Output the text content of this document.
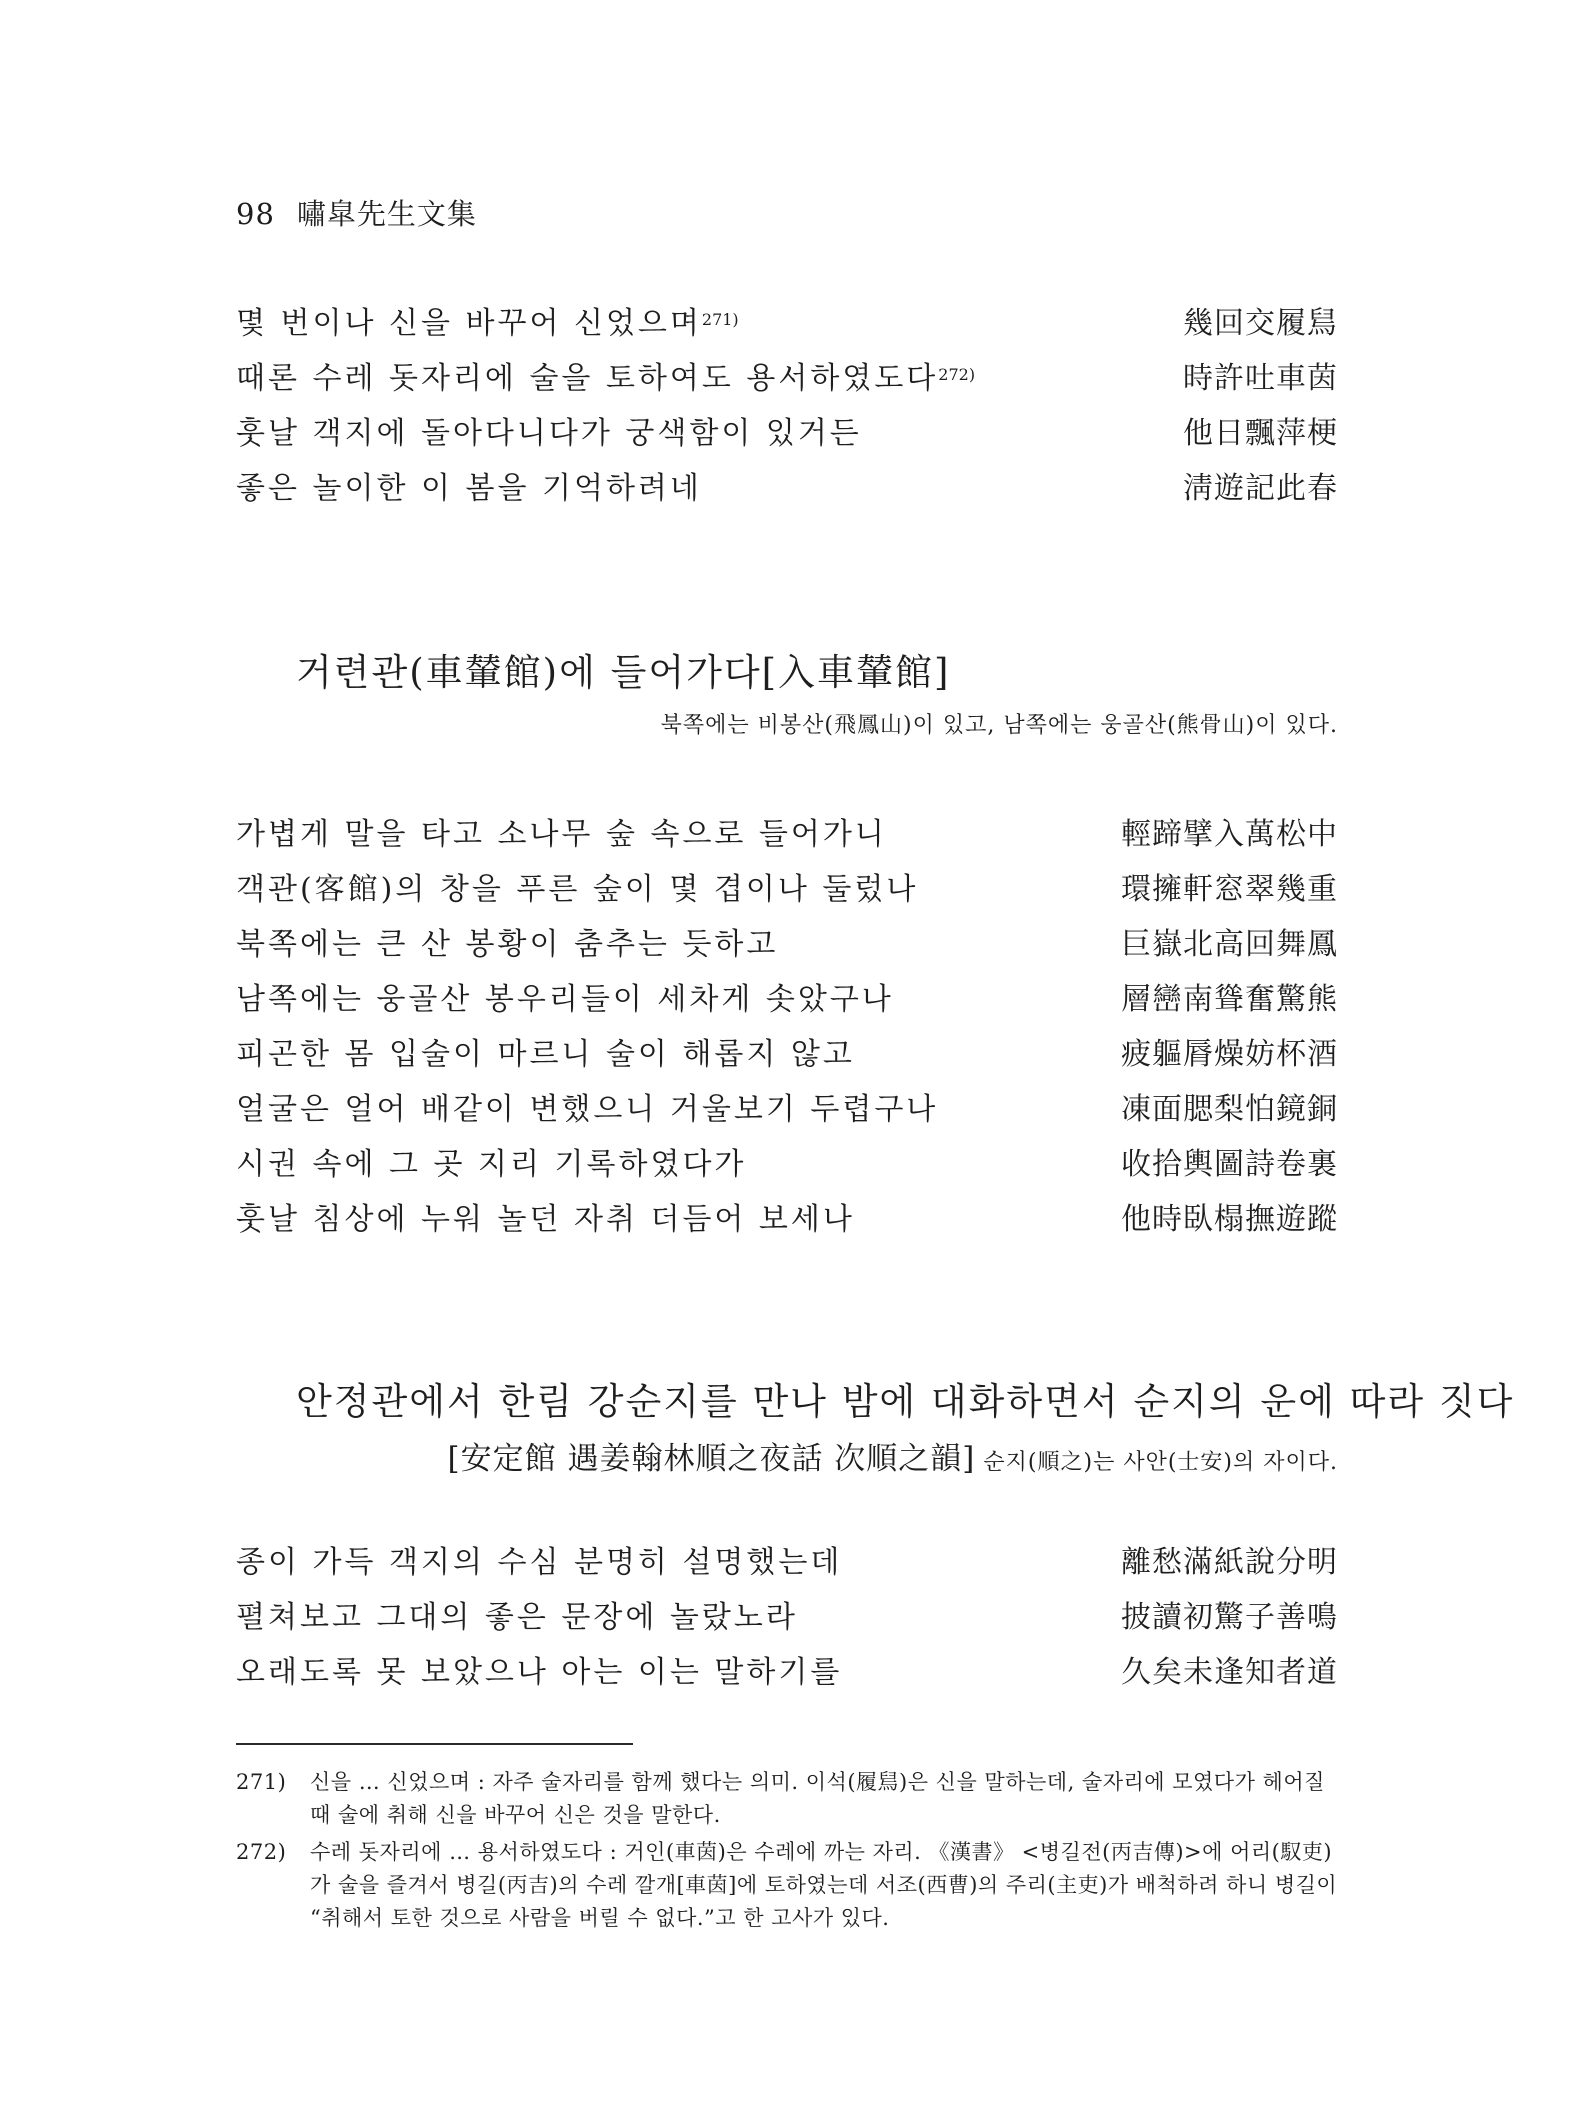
98 嘯皐先生文集
몇 번이나 신을 바꾸어 신었으며$^{271)}$	幾回交履舃
때론 수레 돗자리에 술을 토하여도 용서하였도다$^{272)}$	時許吐車茵
훗날 객지에 돌아다니다가 궁색함이 있거든	他日飄萍梗
좋은 놀이한 이 봄을 기억하려네	淸遊記此春
거련관(車輦館)에 들어가다[入車輦館]
북쪽에는 비봉산(飛鳳山)이 있고, 남쪽에는 웅골산(熊骨山)이 있다.
가볍게 말을 타고 소나무 숲 속으로 들어가니	輕蹄擘入萬松中
객관(客館)의 창을 푸른 숲이 몇 겹이나 둘렀나	環擁軒窓翠幾重
북쪽에는 큰 산 봉황이 춤추는 듯하고	巨嶽北高回舞鳳
남쪽에는 웅골산 봉우리들이 세차게 솟았구나	層巒南聳奮驚熊
피곤한 몸 입술이 마르니 술이 해롭지 않고	疲軀脣燥妨杯酒
얼굴은 얼어 배같이 변했으니 거울보기 두렵구나	凍面腮梨怕鏡銅
시권 속에 그 곳 지리 기록하였다가	收拾輿圖詩卷裏
훗날 침상에 누워 놀던 자취 더듬어 보세나	他時臥榻撫遊蹤
안정관에서 한림 강순지를 만나 밤에 대화하면서 순지의 운에 따라 짓다
[安定館 遇姜翰林順之夜話 次順之韻] 순지(順之)는 사안(士安)의 자이다.
종이 가득 객지의 수심 분명히 설명했는데	離愁滿紙說分明
펼쳐보고 그대의 좋은 문장에 놀랐노라	披讀初驚子善鳴
오래도록 못 보았으나 아는 이는 말하기를	久矣未逢知者道
271) 신을 … 신었으며 : 자주 술자리를 함께 했다는 의미. 이석(履舃)은 신을 말하는데, 술자리에 모였다가 헤어질 때 술에 취해 신을 바꾸어 신은 것을 말한다.
272) 수레 돗자리에 … 용서하였도다 : 거인(車茵)은 수레에 까는 자리. 《漢書》 <병길전(丙吉傳)>에 어리(馭吏)가 술을 즐겨서 병길(丙吉)의 수레 깔개[車茵]에 토하였는데 서조(西曹)의 주리(主吏)가 배척하려 하니 병길이 “취해서 토한 것으로 사람을 버릴 수 없다.”고 한 고사가 있다.
